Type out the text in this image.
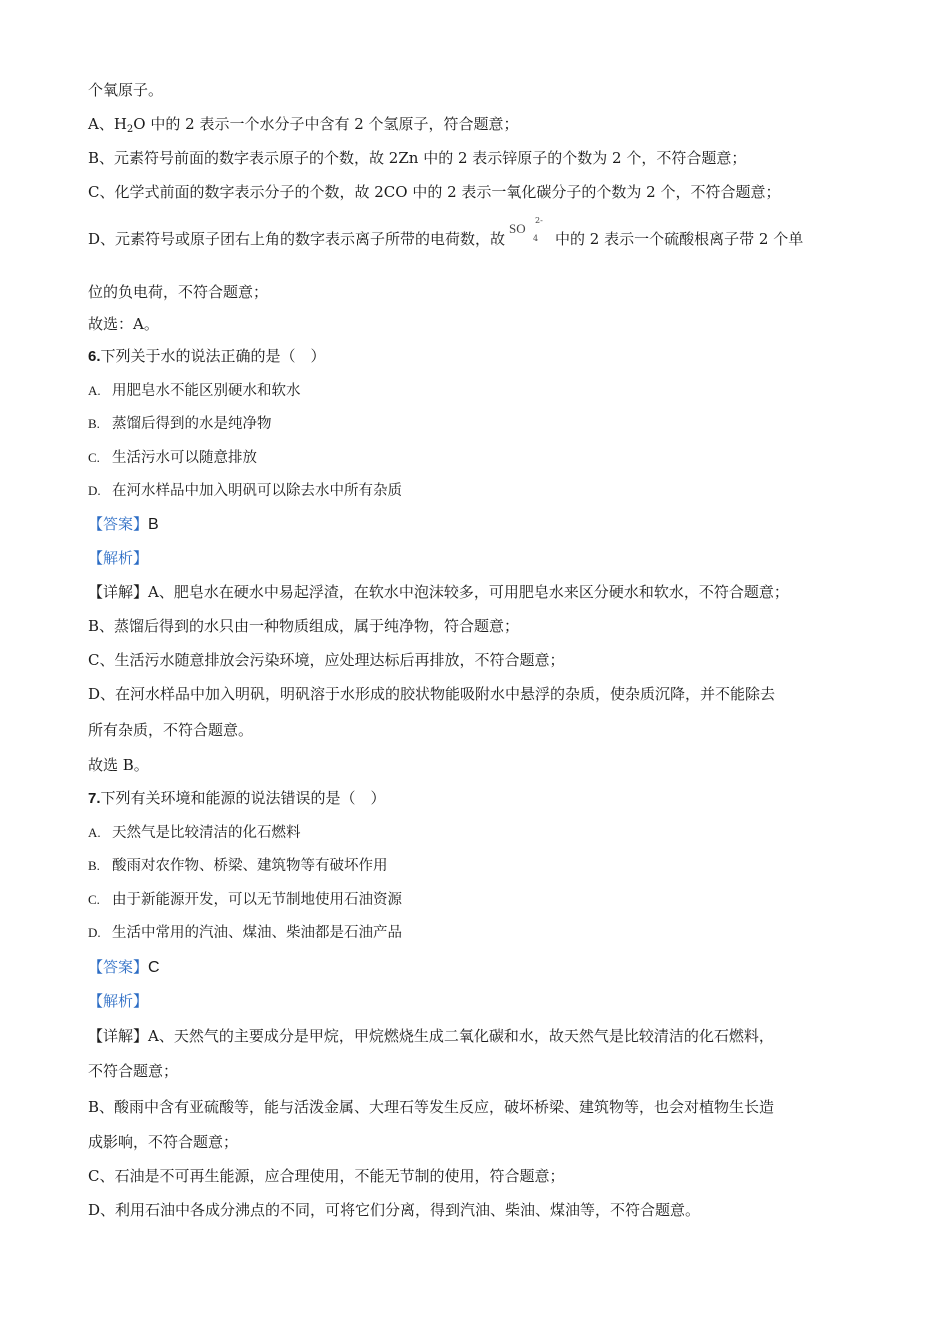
个氧原子。
A、$H_2O$ 中的 2 表示一个水分子中含有 2 个氢原子，符合题意；
B、元素符号前面的数字表示原子的个数，故 2Zn 中的 2 表示锌原子的个数为 2 个，不符合题意；
C、化学式前面的数字表示分子的个数，故 2CO 中的 2 表示一氧化碳分子的个数为 2 个，不符合题意；
D、元素符号或原子团右上角的数字表示离子所带的电荷数，故
SO
4
2-
中的 2 表示一个硫酸根离子带 2 个单
位的负电荷，不符合题意；
故选：A。
6.下列关于水的说法正确的是（　）
A. 用肥皂水不能区别硬水和软水
B. 蒸馏后得到的水是纯净物
C. 生活污水可以随意排放
D. 在河水样品中加入明矾可以除去水中所有杂质
【答案】B
【解析】
【详解】A、肥皂水在硬水中易起浮渣，在软水中泡沫较多，可用肥皂水来区分硬水和软水，不符合题意；
B、蒸馏后得到的水只由一种物质组成，属于纯净物，符合题意；
C、生活污水随意排放会污染环境，应处理达标后再排放，不符合题意；
D、在河水样品中加入明矾，明矾溶于水形成的胶状物能吸附水中悬浮的杂质，使杂质沉降，并不能除去
所有杂质，不符合题意。
故选 B。
7.下列有关环境和能源的说法错误的是（　）
A. 天然气是比较清洁的化石燃料
B. 酸雨对农作物、桥梁、建筑物等有破坏作用
C. 由于新能源开发，可以无节制地使用石油资源
D. 生活中常用的汽油、煤油、柴油都是石油产品
【答案】C
【解析】
【详解】A、天然气的主要成分是甲烷，甲烷燃烧生成二氧化碳和水，故天然气是比较清洁的化石燃料，
不符合题意；
B、酸雨中含有亚硫酸等，能与活泼金属、大理石等发生反应，破坏桥梁、建筑物等，也会对植物生长造
成影响，不符合题意；
C、石油是不可再生能源，应合理使用，不能无节制的使用，符合题意；
D、利用石油中各成分沸点的不同，可将它们分离，得到汽油、柴油、煤油等，不符合题意。
